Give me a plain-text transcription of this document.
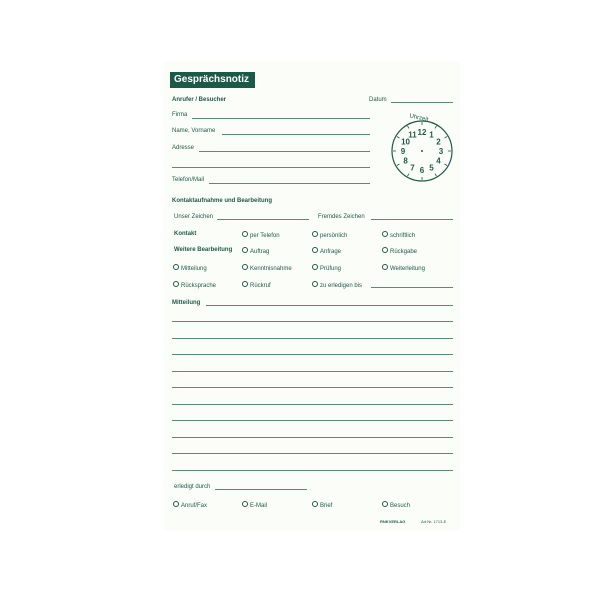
Gesprächsnotiz
Anrufer / Besucher	Datum
Firma
Name, Vorname
Adresse
Telefon/Mail
Uhrzeit
12 1
2
3
4
5
6
7
8
9
10
11
Kontaktaufnahme und Bearbeitung
Unser Zeichen	Fremdes Zeichen
Kontakt	per Telefon	persönlich	schriftlich
Weitere Bearbeitung	Auftrag	Anfrage	Rückgabe
Mitteilung	Kenntnisnahme	Prüfung	Weiterleitung
Rücksprache	Rückruf	zu erledigen bis
Mitteilung
erledigt durch
Anruf/Fax	E-Mail	Brief	Besuch
RNKVERLAG	Art.Nr. 1713-E
